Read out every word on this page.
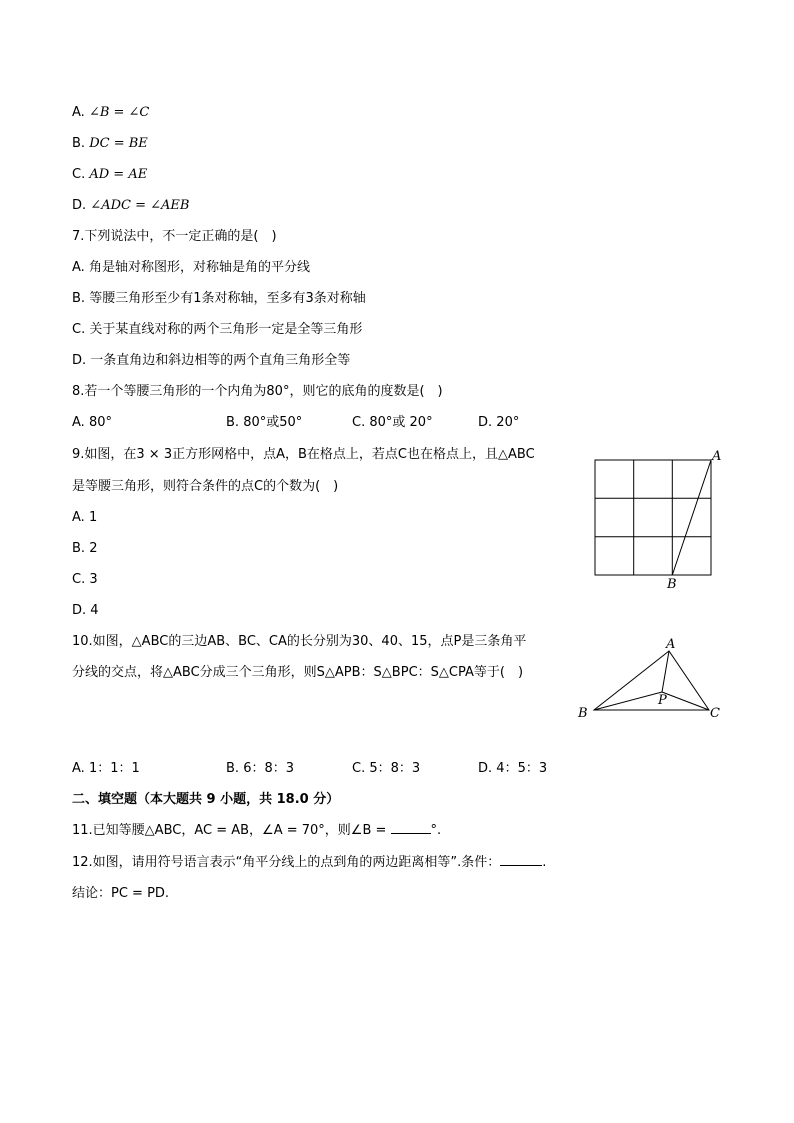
A. ∠B = ∠C
B. DC = BE
C. AD = AE
D. ∠ADC = ∠AEB
7.下列说法中，不一定正确的是(　)
A. 角是轴对称图形，对称轴是角的平分线
B. 等腰三角形至少有1条对称轴，至多有3条对称轴
C. 关于某直线对称的两个三角形一定是全等三角形
D. 一条直角边和斜边相等的两个直角三角形全等
8.若一个等腰三角形的一个内角为80°，则它的底角的度数是(　)
A. 80°	B. 80°或50°	C. 80°或 20°	D. 20°
9.如图，在3 × 3正方形网格中，点A，B在格点上，若点C也在格点上，且△ABC
是等腰三角形，则符合条件的点C的个数为(　)
A. 1
B. 2
C. 3
D. 4
A
B
10.如图，△ABC的三边AB、BC、CA的长分别为30、40、15，点P是三条角平
分线的交点，将△ABC分成三个三角形，则S△APB：S△BPC：S△CPA等于(　)
A
B	C
P
A. 1：1：1	B. 6：8：3	C. 5：8：3	D. 4：5：3
二、填空题（本大题共 9 小题，共 18.0 分）
11.已知等腰△ABC，AC = AB，∠A = 70°，则∠B =	°.
12.如图，请用符号语言表示“角平分线上的点到角的两边距离相等”.条件：	.
结论：PC = PD.
